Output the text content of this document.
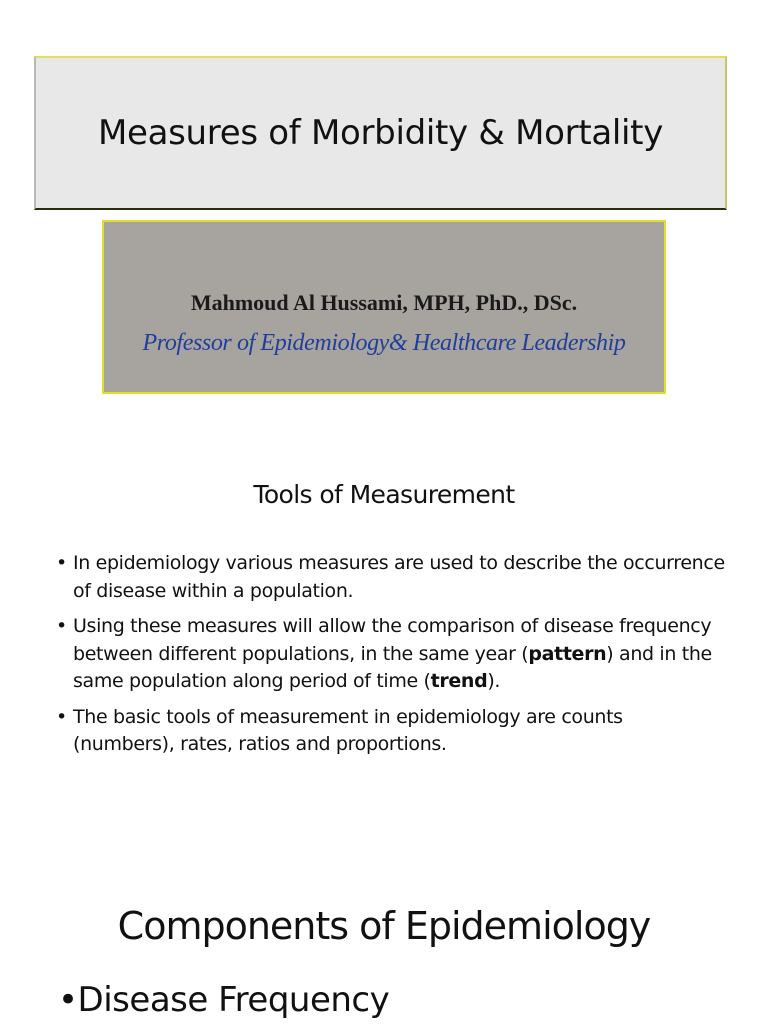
Measures of Morbidity & Mortality
Mahmoud Al Hussami, MPH, PhD., DSc.
Professor of Epidemiology& Healthcare Leadership
Tools of Measurement
• In epidemiology various measures are used to describe the occurrence of disease within a population.
• Using these measures will allow the comparison of disease frequency between different populations, in the same year (pattern) and in the same population along period of time (trend).
• The basic tools of measurement in epidemiology are counts (numbers), rates, ratios and proportions.
Components of Epidemiology
•Disease Frequency
